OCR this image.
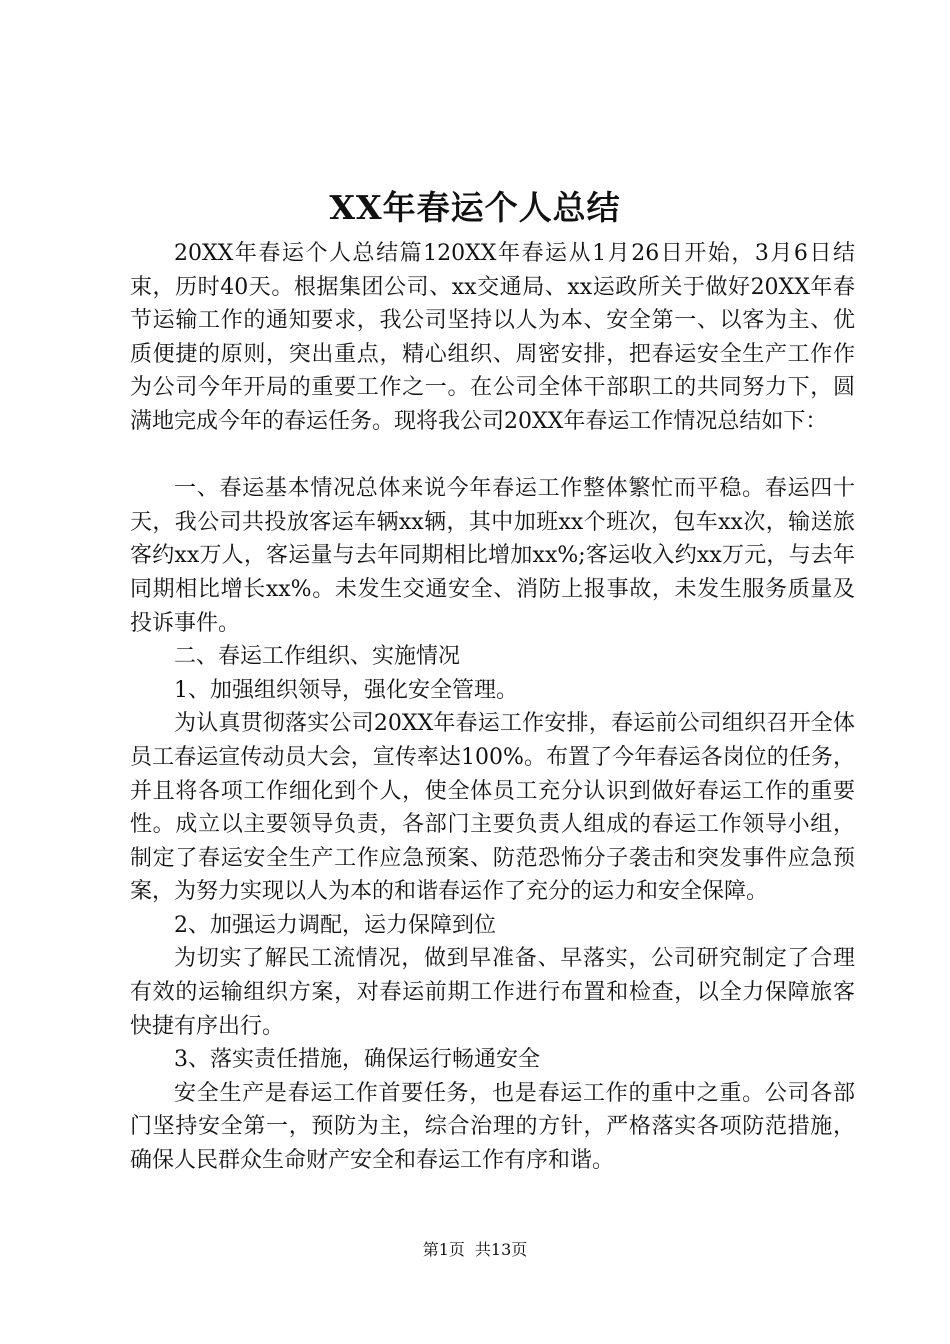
XX年春运个人总结

20XX年春运个人总结篇120XX年春运从1月26日开始，3月6日结束，历时40天。根据集团公司、xx交通局、xx运政所关于做好20XX年春节运输工作的通知要求，我公司坚持以人为本、安全第一、以客为主、优质便捷的原则，突出重点，精心组织、周密安排，把春运安全生产工作作为公司今年开局的重要工作之一。在公司全体干部职工的共同努力下，圆满地完成今年的春运任务。现将我公司20XX年春运工作情况总结如下：

一、春运基本情况总体来说今年春运工作整体繁忙而平稳。春运四十天，我公司共投放客运车辆xx辆，其中加班xx个班次，包车xx次，输送旅客约xx万人，客运量与去年同期相比增加xx%;客运收入约xx万元，与去年同期相比增长xx%。未发生交通安全、消防上报事故，未发生服务质量及投诉事件。

二、春运工作组织、实施情况

1、加强组织领导，强化安全管理。

为认真贯彻落实公司20XX年春运工作安排，春运前公司组织召开全体员工春运宣传动员大会，宣传率达100%。布置了今年春运各岗位的任务，并且将各项工作细化到个人，使全体员工充分认识到做好春运工作的重要性。成立以主要领导负责，各部门主要负责人组成的春运工作领导小组，制定了春运安全生产工作应急预案、防范恐怖分子袭击和突发事件应急预案，为努力实现以人为本的和谐春运作了充分的运力和安全保障。

2、加强运力调配，运力保障到位

为切实了解民工流情况，做到早准备、早落实，公司研究制定了合理有效的运输组织方案，对春运前期工作进行布置和检查，以全力保障旅客快捷有序出行。

3、落实责任措施，确保运行畅通安全

安全生产是春运工作首要任务，也是春运工作的重中之重。公司各部门坚持安全第一，预防为主，综合治理的方针，严格落实各项防范措施，确保人民群众生命财产安全和春运工作有序和谐。

第1页 共13页
